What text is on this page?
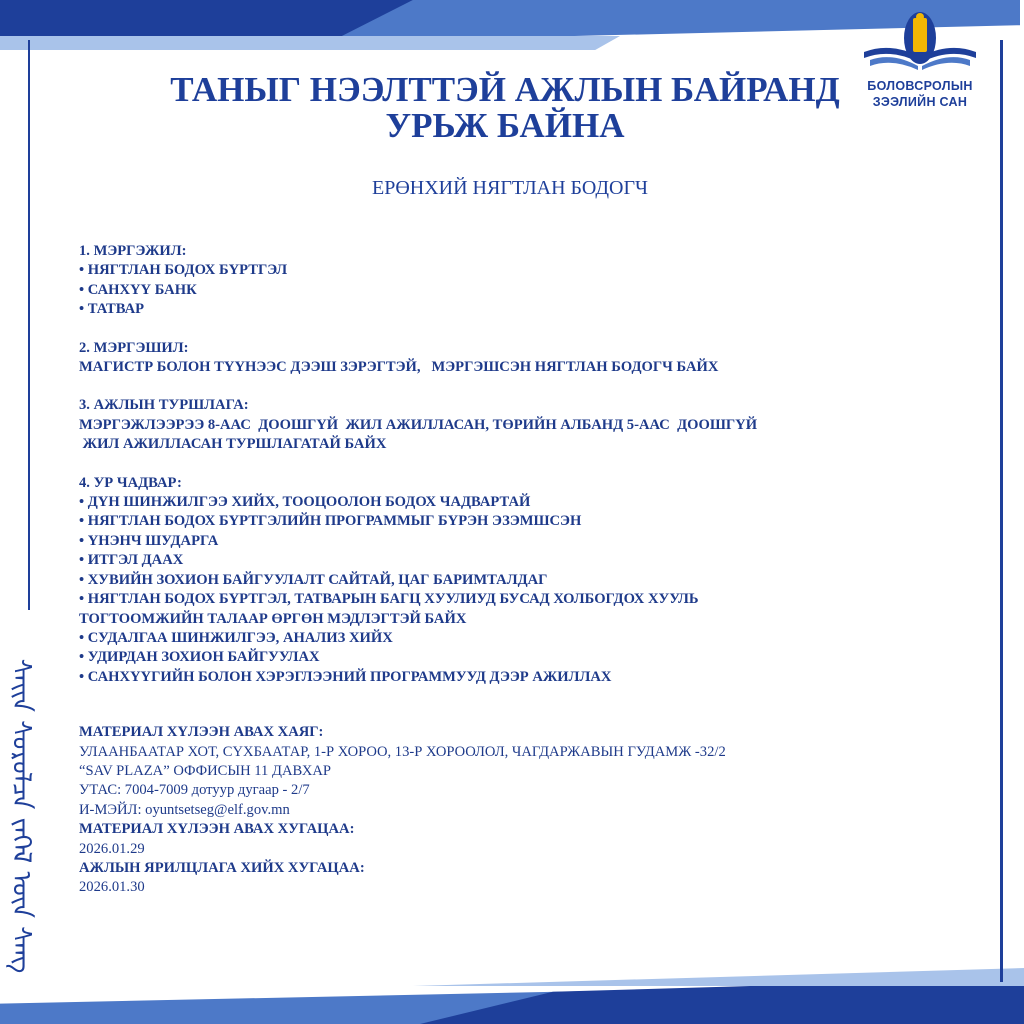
ᠰᠠᠢᠨ ᠰᠤᠷᠤᠯᠴᠠ ᠵᠡᠭᠡᠯ ᠦᠨ ᠰᠠᠩ
БОЛОВСРОЛЫН
ЗЭЭЛИЙН САН
ТАНЫГ НЭЭЛТТЭЙ АЖЛЫН БАЙРАНД
УРЬЖ БАЙНА

ЕРӨНХИЙ НЯГТЛАН БОДОГЧ

1. МЭРГЭЖИЛ:

• НЯГТЛАН БОДОХ БҮРТГЭЛ

• САНХҮҮ БАНК

• ТАТВАР

2. МЭРГЭШИЛ:

МАГИСТР БОЛОН ТҮҮНЭЭС ДЭЭШ ЗЭРЭГТЭЙ,   МЭРГЭШСЭН НЯГТЛАН БОДОГЧ БАЙХ

3. АЖЛЫН ТУРШЛАГА:

МЭРГЭЖЛЭЭРЭЭ 8-ААС  ДООШГҮЙ  ЖИЛ АЖИЛЛАСАН, ТӨРИЙН АЛБАНД 5-ААС  ДООШГҮЙ

ЖИЛ АЖИЛЛАСАН ТУРШЛАГАТАЙ БАЙХ

4. УР ЧАДВАР:

• ДҮН ШИНЖИЛГЭЭ ХИЙХ, ТООЦООЛОН БОДОХ ЧАДВАРТАЙ

• НЯГТЛАН БОДОХ БҮРТГЭЛИЙН ПРОГРАММЫГ БҮРЭН ЭЗЭМШСЭН

• ҮНЭНЧ ШУДАРГА

• ИТГЭЛ ДААХ

• ХУВИЙН ЗОХИОН БАЙГУУЛАЛТ САЙТАЙ, ЦАГ БАРИМТАЛДАГ

• НЯГТЛАН БОДОХ БҮРТГЭЛ, ТАТВАРЫН БАГЦ ХУУЛИУД БУСАД ХОЛБОГДОХ ХУУЛЬ

ТОГТООМЖИЙН ТАЛААР ӨРГӨН МЭДЛЭГТЭЙ БАЙХ

• СУДАЛГАА ШИНЖИЛГЭЭ, АНАЛИЗ ХИЙХ

• УДИРДАН ЗОХИОН БАЙГУУЛАХ

• САНХҮҮГИЙН БОЛОН ХЭРЭГЛЭЭНИЙ ПРОГРАММУУД ДЭЭР АЖИЛЛАХ

МАТЕРИАЛ ХҮЛЭЭН АВАХ ХАЯГ:

УЛААНБААТАР ХОТ, СҮХБААТАР, 1-Р ХОРОО, 13-Р ХОРООЛОЛ, ЧАГДАРЖАВЫН ГУДАМЖ -32/2

“SAV PLAZA” ОФФИСЫН 11 ДАВХАР

УТАС: 7004-7009 дотуур дугаар - 2/7

И-МЭЙЛ: oyuntsetseg@elf.gov.mn

МАТЕРИАЛ ХҮЛЭЭН АВАХ ХУГАЦАА:

2026.01.29

АЖЛЫН ЯРИЛЦЛАГА ХИЙХ ХУГАЦАА:

2026.01.30
